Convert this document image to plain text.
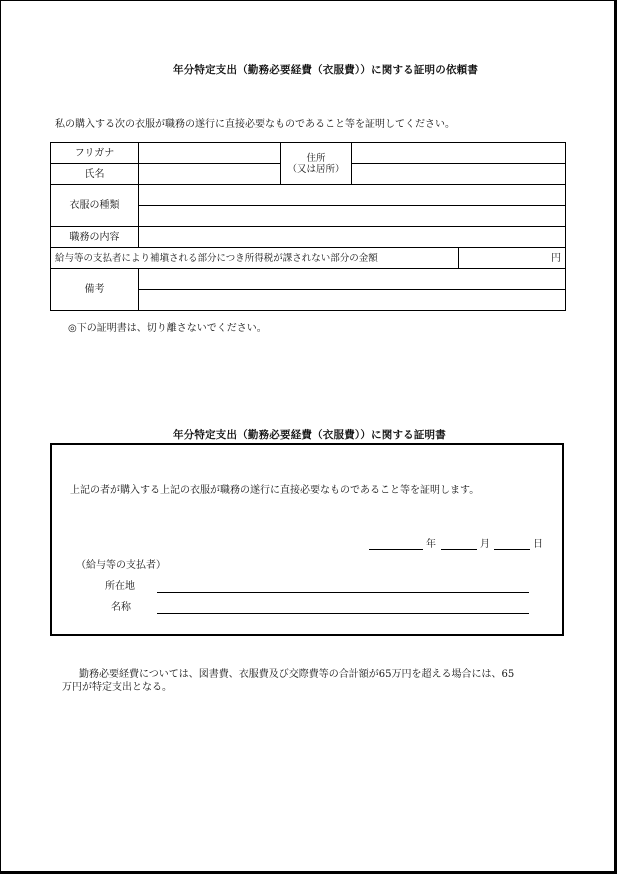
年分特定支出（勤務必要経費（衣服費））に関する証明の依頼書
私の購入する次の衣服が職務の遂行に直接必要なものであること等を証明してください。
フリガナ		住所
（又は居所）		

氏名				
衣服の種類				

職務の内容				
給与等の支払者により補塡される部分につき所得税が課されない部分の金額				円
備考				

◎下の証明書は、切り離さないでください。
年分特定支出（勤務必要経費（衣服費））に関する証明書
上記の者が購入する上記の衣服が職務の遂行に直接必要なものであること等を証明します。
年	月	日
（給与等の支払者）
所在地
名称
勤務必要経費については、図書費、衣服費及び交際費等の合計額が65万円を超える場合には、65
万円が特定支出となる。
